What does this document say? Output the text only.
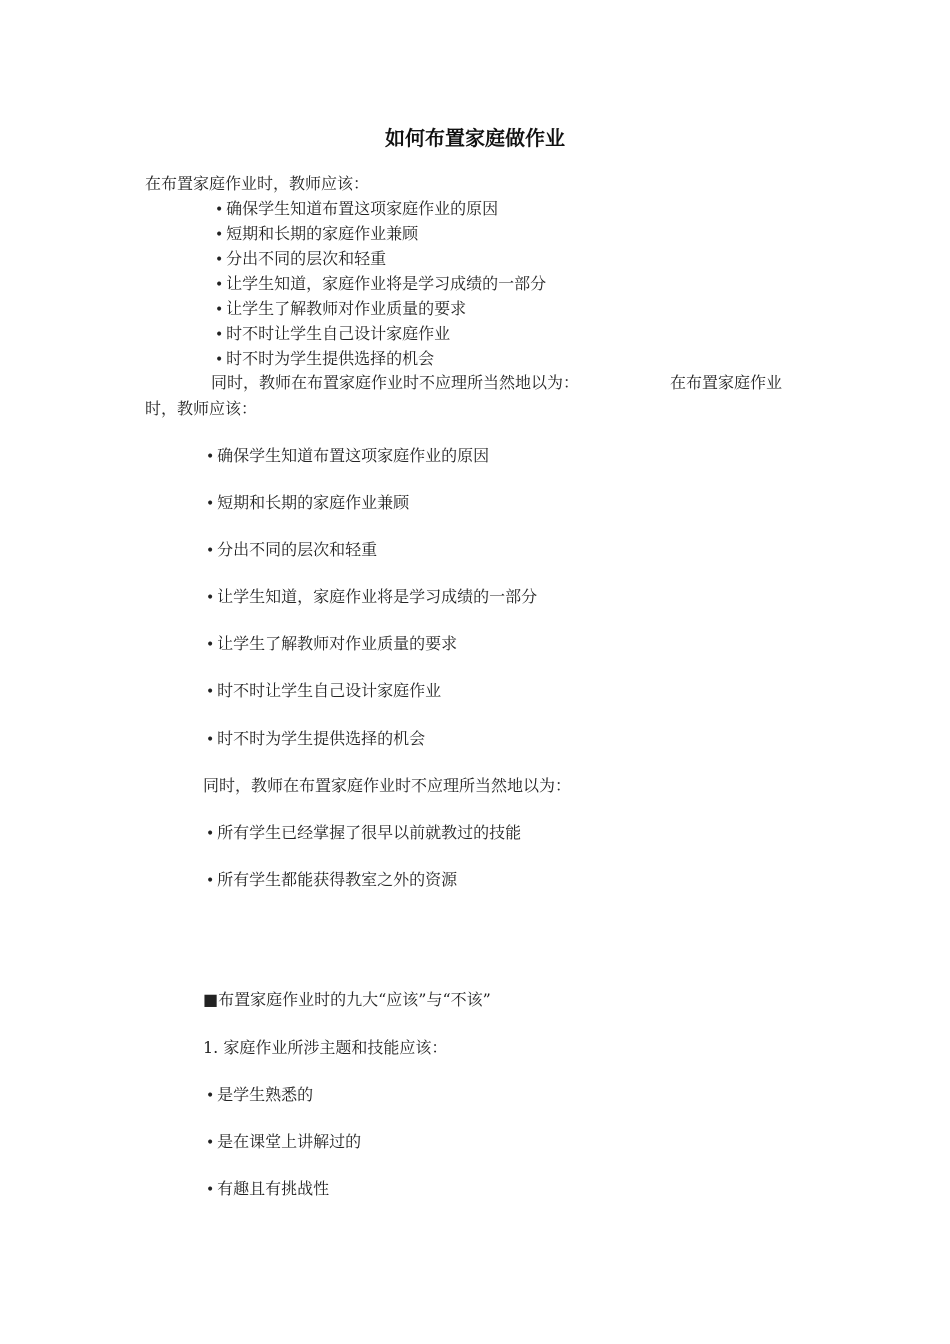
如何布置家庭做作业
在布置家庭作业时，教师应该：
• 确保学生知道布置这项家庭作业的原因
• 短期和长期的家庭作业兼顾
• 分出不同的层次和轻重
• 让学生知道，家庭作业将是学习成绩的一部分
• 让学生了解教师对作业质量的要求
• 时不时让学生自己设计家庭作业
• 时不时为学生提供选择的机会
同时，教师在布置家庭作业时不应理所当然地以为：	在布置家庭作业
时，教师应该：
• 确保学生知道布置这项家庭作业的原因
• 短期和长期的家庭作业兼顾
• 分出不同的层次和轻重
• 让学生知道，家庭作业将是学习成绩的一部分
• 让学生了解教师对作业质量的要求
• 时不时让学生自己设计家庭作业
• 时不时为学生提供选择的机会
同时，教师在布置家庭作业时不应理所当然地以为：
• 所有学生已经掌握了很早以前就教过的技能
• 所有学生都能获得教室之外的资源
■布置家庭作业时的九大“应该”与“不该”
1. 家庭作业所涉主题和技能应该：
• 是学生熟悉的
• 是在课堂上讲解过的
• 有趣且有挑战性
